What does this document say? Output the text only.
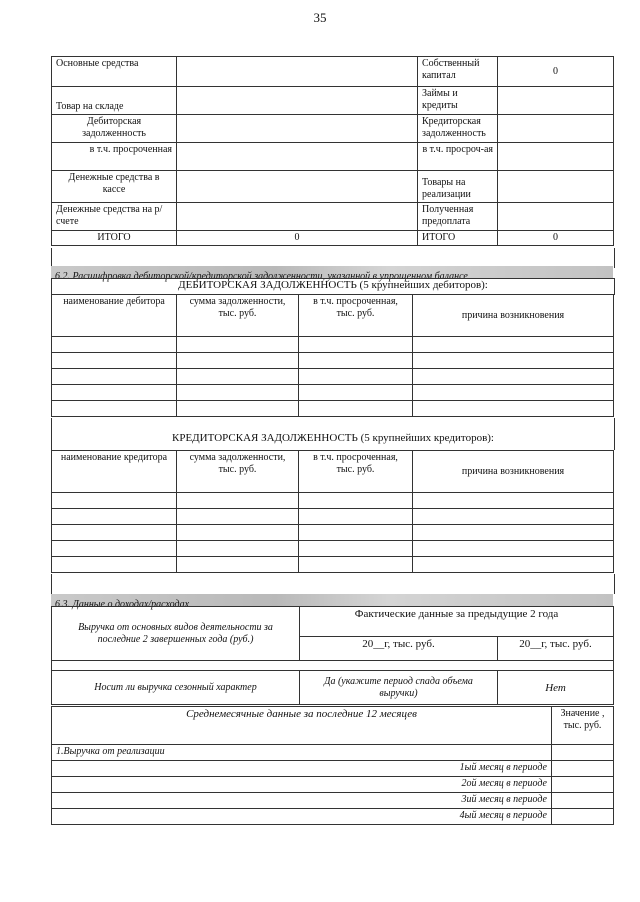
35
Основные средства		Собственный капитал	0
Товар на складе		Займы и кредиты	
Дебиторская задолженность		Кредиторская задолженность	
в т.ч. просроченная		в т.ч. просроч-ая	
Денежные средства в кассе		Товары на реализации	
Денежные средства на р/счете		Полученная предоплата	
ИТОГО	0	ИТОГО	0
6.2. Расшифровка дебиторской/кредиторской задолженности, указанной в упрощенном балансе
ДЕБИТОРСКАЯ ЗАДОЛЖЕННОСТЬ (5 крупнейших дебиторов):
наименование дебитора	сумма задолженности, тыс. руб.	в т.ч. просроченная, тыс. руб.	причина возникновения

КРЕДИТОРСКАЯ ЗАДОЛЖЕННОСТЬ (5 крупнейших кредиторов):
наименование кредитора	сумма задолженности, тыс. руб.	в т.ч. просроченная, тыс. руб.	причина возникновения

6.3. Данные о доходах/расходах
Выручка от основных видов деятельности за последние 2 завершенных года (руб.)	Фактические данные за предыдущие 2 года	
	20__г, тыс. руб.	20__г, тыс. руб.

Носит ли выручка сезонный характер	Да (укажите период спада объема выручки)	Нет
Среднемесячные данные за последние 12 месяцев	Значение , тыс. руб.
1.Выручка от реализации	
1ый месяц в периоде	
2ой месяц в периоде	
3ий месяц в периоде	
4ый месяц в периоде	
